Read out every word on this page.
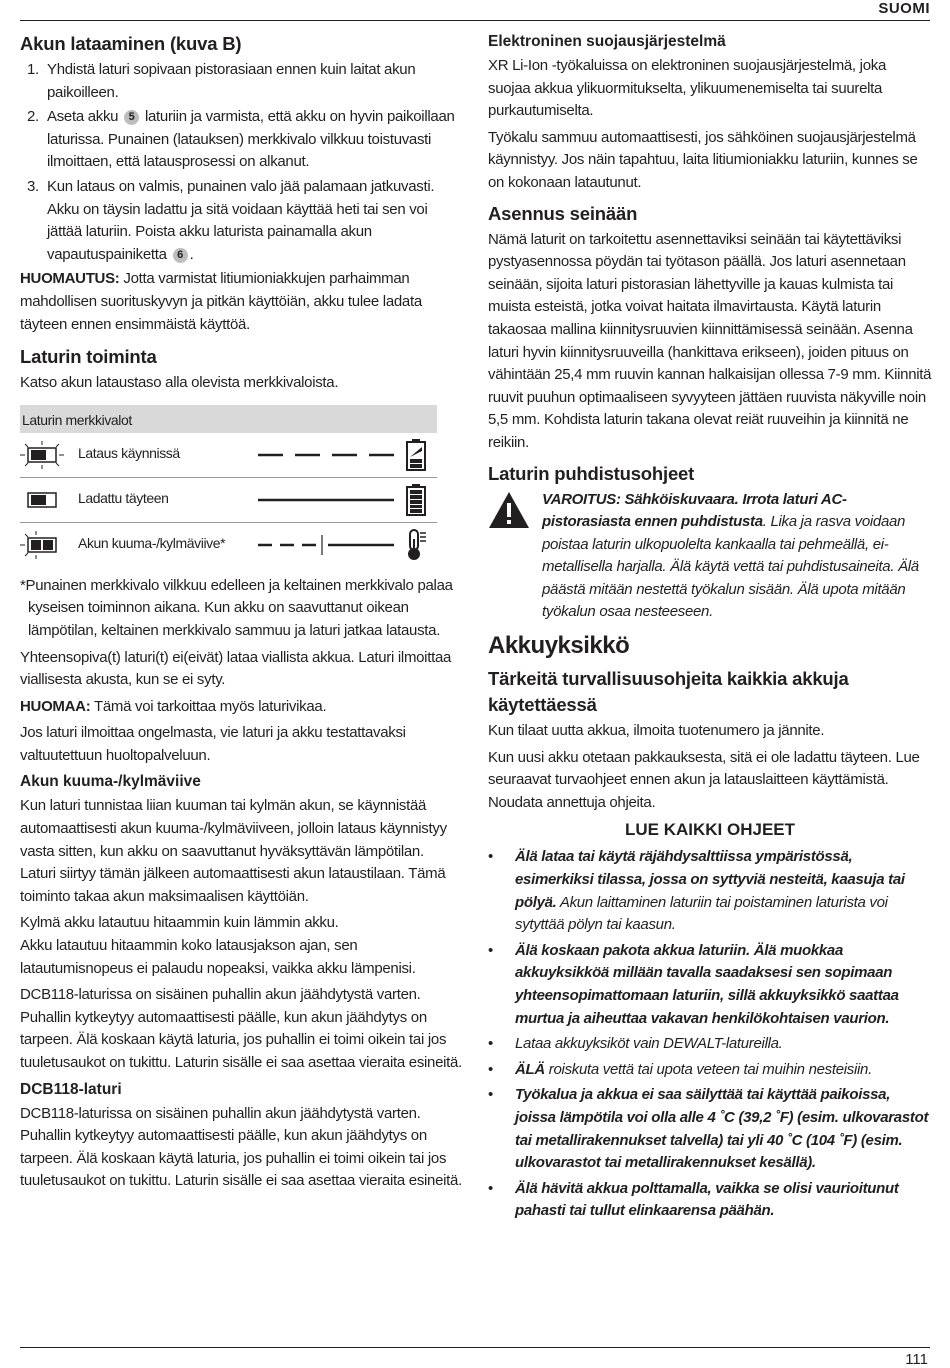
SUOMI
Akun lataaminen (kuva B)
1. Yhdistä laturi sopivaan pistorasiaan ennen kuin laitat akun paikoilleen.
2. Aseta akku 5 laturiin ja varmista, että akku on hyvin paikoillaan laturissa. Punainen (latauksen) merkkivalo vilkkuu toistuvasti ilmoittaen, että latausprosessi on alkanut.
3. Kun lataus on valmis, punainen valo jää palamaan jatkuvasti. Akku on täysin ladattu ja sitä voidaan käyttää heti tai sen voi jättää laturiin. Poista akku laturista painamalla akun vapautuspainiketta 6 .

HUOMAUTUS: Jotta varmistat litiumioniakkujen parhaimman mahdollisen suorituskyvyn ja pitkän käyttöiän, akku tulee ladata täyteen ennen ensimmäistä käyttöä.

Laturin toiminta

Katso akun lataustaso alla olevista merkkivaloista.

Laturin merkkivalot
Lataus käynnissä
Ladattu täyteen
Akun kuuma-/kylmäviive*

*Punainen merkkivalo vilkkuu edelleen ja keltainen merkkivalo palaa kyseisen toiminnon aikana. Kun akku on saavuttanut oikean lämpötilan, keltainen merkkivalo sammuu ja laturi jatkaa latausta.

Yhteensopiva(t) laturi(t) ei(eivät) lataa viallista akkua. Laturi ilmoittaa viallisesta akusta, kun se ei syty.

HUOMAA: Tämä voi tarkoittaa myös laturivikaa.

Jos laturi ilmoittaa ongelmasta, vie laturi ja akku testattavaksi valtuutettuun huoltopalveluun.

Akun kuuma-/kylmäviive

Kun laturi tunnistaa liian kuuman tai kylmän akun, se käynnistää automaattisesti akun kuuma-/kylmäviiveen, jolloin lataus käynnistyy vasta sitten, kun akku on saavuttanut hyväksyttävän lämpötilan. Laturi siirtyy tämän jälkeen automaattisesti akun lataustilaan. Tämä toiminto takaa akun maksimaalisen käyttöiän.

Kylmä akku latautuu hitaammin kuin lämmin akku.

Akku latautuu hitaammin koko latausjakson ajan, sen latautumisnopeus ei palaudu nopeaksi, vaikka akku lämpenisi.

DCB118-laturissa on sisäinen puhallin akun jäähdytystä varten. Puhallin kytkeytyy automaattisesti päälle, kun akun jäähdytys on tarpeen. Älä koskaan käytä laturia, jos puhallin ei toimi oikein tai jos tuuletusaukot on tukittu. Laturin sisälle ei saa asettaa vieraita esineitä.

DCB118-laturi

DCB118-laturissa on sisäinen puhallin akun jäähdytystä varten. Puhallin kytkeytyy automaattisesti päälle, kun akun jäähdytys on tarpeen. Älä koskaan käytä laturia, jos puhallin ei toimi oikein tai jos tuuletusaukot on tukittu. Laturin sisälle ei saa asettaa vieraita esineitä.

Elektroninen suojausjärjestelmä

XR Li-Ion -työkaluissa on elektroninen suojausjärjestelmä, joka suojaa akkua ylikuormitukselta, ylikuumenemiselta tai suurelta purkautumiselta.

Työkalu sammuu automaattisesti, jos sähköinen suojausjärjestelmä käynnistyy. Jos näin tapahtuu, laita litiumioniakku laturiin, kunnes se on kokonaan latautunut.

Asennus seinään

Nämä laturit on tarkoitettu asennettaviksi seinään tai käytettäviksi pystyasennossa pöydän tai työtason päällä. Jos laturi asennetaan seinään, sijoita laturi pistorasian lähettyville ja kauas kulmista tai muista esteistä, jotka voivat haitata ilmavirtausta. Käytä laturin takaosaa mallina kiinnitysruuvien kiinnittämisessä seinään. Asenna laturi hyvin kiinnitysruuveilla (hankittava erikseen), joiden pituus on vähintään 25,4 mm ruuvin kannan halkaisijan ollessa 7-9 mm. Kiinnitä ruuvit puuhun optimaaliseen syvyyteen jättäen ruuvista näkyville noin 5,5 mm. Kohdista laturin takana olevat reiät ruuveihin ja kiinnitä ne reikiin.

Laturin puhdistusohjeet

VAROITUS: Sähköiskuvaara. Irrota laturi AC-pistorasiasta ennen puhdistusta. Lika ja rasva voidaan poistaa laturin ulkopuolelta kankaalla tai pehmeällä, ei- metallisella harjalla. Älä käytä vettä tai puhdistusaineita. Älä päästä mitään nestettä työkalun sisään. Älä upota mitään työkalun osaa nesteeseen.

Akkuyksikkö
Tärkeitä turvallisuusohjeita kaikkia akkuja käytettäessä

Kun tilaat uutta akkua, ilmoita tuotenumero ja jännite.

Kun uusi akku otetaan pakkauksesta, sitä ei ole ladattu täyteen. Lue seuraavat turvaohjeet ennen akun ja latauslaitteen käyttämistä. Noudata annettuja ohjeita.

LUE KAIKKI OHJEET
• Älä lataa tai käytä räjähdysalttiissa ympäristössä, esimerkiksi tilassa, jossa on syttyviä nesteitä, kaasuja tai pölyä. Akun laittaminen laturiin tai poistaminen laturista voi sytyttää pölyn tai kaasun.
• Älä koskaan pakota akkua laturiin. Älä muokkaa akkuyksikköä millään tavalla saadaksesi sen sopimaan yhteensopimattomaan laturiin, sillä akkuyksikkö saattaa murtua ja aiheuttaa vakavan henkilökohtaisen vaurion.
• Lataa akkuyksiköt vain DEWALT-latureilla.
• ÄLÄ roiskuta vettä tai upota veteen tai muihin nesteisiin.
• Työkalua ja akkua ei saa säilyttää tai käyttää paikoissa, joissa lämpötila voi olla alle 4 ˚C (39,2 ˚F) (esim. ulkovarastot tai metallirakennukset talvella) tai yli 40 ˚C (104 ˚F) (esim. ulkovarastot tai metallirakennukset kesällä).
• Älä hävitä akkua polttamalla, vaikka se olisi vaurioitunut pahasti tai tullut elinkaarensa päähän.
111
